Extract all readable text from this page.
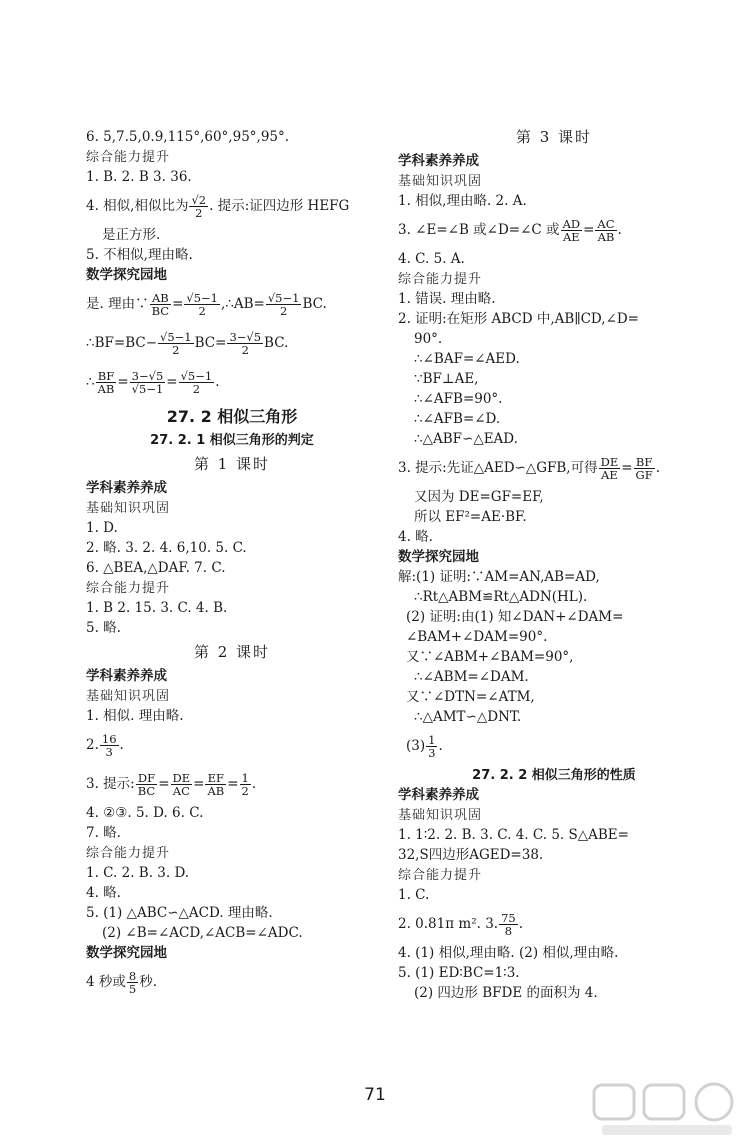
6. 5,7.5,0.9,115°,60°,95°,95°.

综合能力提升

1. B. 2. B 3. 36.

4. 相似,相似比为 $\frac{√2}{2}$ . 提示:证四边形 HEFG

是正方形.

5. 不相似,理由略.

数学探究园地

是. 理由∵ $\frac{AB}{BC} = \frac{√5-1}{2}$ ,∴AB= $\frac{√5-1}{2}$ BC.

∴BF=BC− $\frac{√5-1}{2} BC= \frac{3-√5}{2}$ BC.

∴ $\frac{BF}{AB} = \frac{3-√5}{√5-1} = \frac{√5-1}{2}$ .

27. 2 相似三角形

27. 2. 1 相似三角形的判定

第 1 课时

学科素养养成

基础知识巩固

1. D.

2. 略. 3. 2. 4. 6,10. 5. C.

6. △BEA,△DAF. 7. C.

综合能力提升

1. B 2. 15. 3. C. 4. B.

5. 略.

第 2 课时

学科素养养成

基础知识巩固

1. 相似. 理由略.

2. $\frac{16}{3}$ .

3. 提示: $\frac{DF}{BC} = \frac{DE}{AC} = \frac{EF}{AB} = \frac{1}{2}$ .

4. ②③. 5. D. 6. C.

7. 略.

综合能力提升

1. C. 2. B. 3. D.

4. 略.

5. (1) △ABC∽△ACD. 理由略.

(2) ∠B=∠ACD,∠ACB=∠ADC.

数学探究园地

4 秒或 $\frac{8}{5}$ 秒.

第 3 课时

学科素养养成

基础知识巩固

1. 相似,理由略. 2. A.

3. ∠E=∠B 或∠D=∠C 或 $\frac{AD}{AE} = \frac{AC}{AB}$ .

4. C. 5. A.

综合能力提升

1. 错误. 理由略.

2. 证明:在矩形 ABCD 中,AB∥CD,∠D=

90°.

∴∠BAF=∠AED.

∵BF⊥AE,

∴∠AFB=90°.

∴∠AFB=∠D.

∴△ABF∽△EAD.

3. 提示:先证△AED∽△GFB,可得 $\frac{DE}{AE} = \frac{BF}{GF}$ .

又因为 DE=GF=EF,

所以 EF²=AE·BF.

4. 略.

数学探究园地

解:(1) 证明:∵AM=AN,AB=AD,

∴Rt△ABM≌Rt△ADN(HL).

(2) 证明:由(1) 知∠DAN+∠DAM=

∠BAM+∠DAM=90°.

又∵∠ABM+∠BAM=90°,

∴∠ABM=∠DAM.

又∵∠DTN=∠ATM,

∴△AMT∽△DNT.

$(3) \frac{1}{3}$ .

27. 2. 2 相似三角形的性质

学科素养养成

基础知识巩固

1. 1∶2. 2. B. 3. C. 4. C. 5. S△ABE=

32,S四边形AGED=38.

综合能力提升

1. C.

2. 0.81π m². 3. $\frac{75}{8}$ .

4. (1) 相似,理由略. (2) 相似,理由略.

5. (1) ED∶BC=1∶3.

(2) 四边形 BFDE 的面积为 4.

71
